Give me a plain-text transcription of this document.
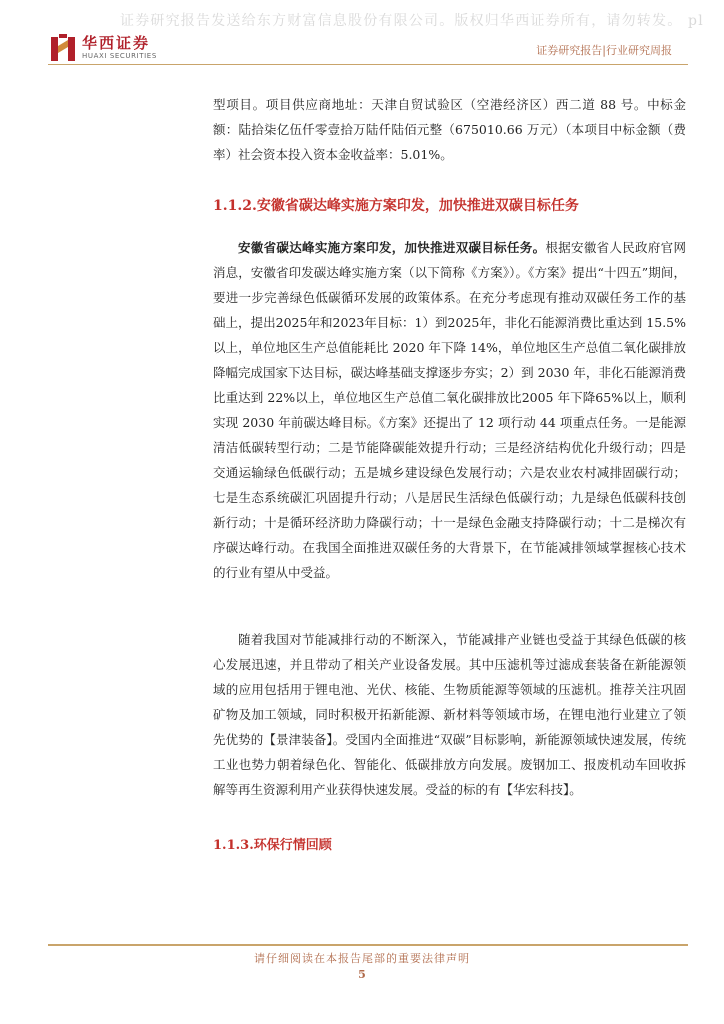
证券研究报告发送给东方财富信息股份有限公司。版权归华西证券所有，请勿转发。 pl
华西证券
HUAXI SECURITIES	证券研究报告|行业研究周报

型项目。项目供应商地址：天津自贸试验区（空港经济区）西二道 88 号。中标金额：陆拾柒亿伍仟零壹拾万陆仟陆佰元整（675010.66 万元）（本项目中标金额（费率）社会资本投入资本金收益率：5.01%。

1.1.2.安徽省碳达峰实施方案印发，加快推进双碳目标任务

安徽省碳达峰实施方案印发，加快推进双碳目标任务。根据安徽省人民政府官网消息，安徽省印发碳达峰实施方案（以下简称《方案》）。《方案》提出“十四五”期间，要进一步完善绿色低碳循环发展的政策体系。在充分考虑现有推动双碳任务工作的基础上，提出2025年和2023年目标：1）到2025年，非化石能源消费比重达到 15.5%以上，单位地区生产总值能耗比 2020 年下降 14%，单位地区生产总值二氧化碳排放降幅完成国家下达目标，碳达峰基础支撑逐步夯实；2）到 2030 年，非化石能源消费比重达到 22%以上，单位地区生产总值二氧化碳排放比2005 年下降65%以上，顺利实现 2030 年前碳达峰目标。《方案》还提出了 12 项行动 44 项重点任务。一是能源清洁低碳转型行动；二是节能降碳能效提升行动；三是经济结构优化升级行动；四是交通运输绿色低碳行动；五是城乡建设绿色发展行动；六是农业农村减排固碳行动；七是生态系统碳汇巩固提升行动；八是居民生活绿色低碳行动；九是绿色低碳科技创新行动；十是循环经济助力降碳行动；十一是绿色金融支持降碳行动；十二是梯次有序碳达峰行动。在我国全面推进双碳任务的大背景下，在节能减排领域掌握核心技术的行业有望从中受益。

随着我国对节能减排行动的不断深入，节能减排产业链也受益于其绿色低碳的核心发展迅速，并且带动了相关产业设备发展。其中压滤机等过滤成套装备在新能源领域的应用包括用于锂电池、光伏、核能、生物质能源等领域的压滤机。推荐关注巩固矿物及加工领域，同时积极开拓新能源、新材料等领域市场，在锂电池行业建立了领先优势的【景津装备】。受国内全面推进“双碳”目标影响，新能源领域快速发展，传统工业也势力朝着绿色化、智能化、低碳排放方向发展。废钢加工、报废机动车回收拆解等再生资源利用产业获得快速发展。受益的标的有【华宏科技】。

1.1.3.环保行情回顾

请仔细阅读在本报告尾部的重要法律声明
5
